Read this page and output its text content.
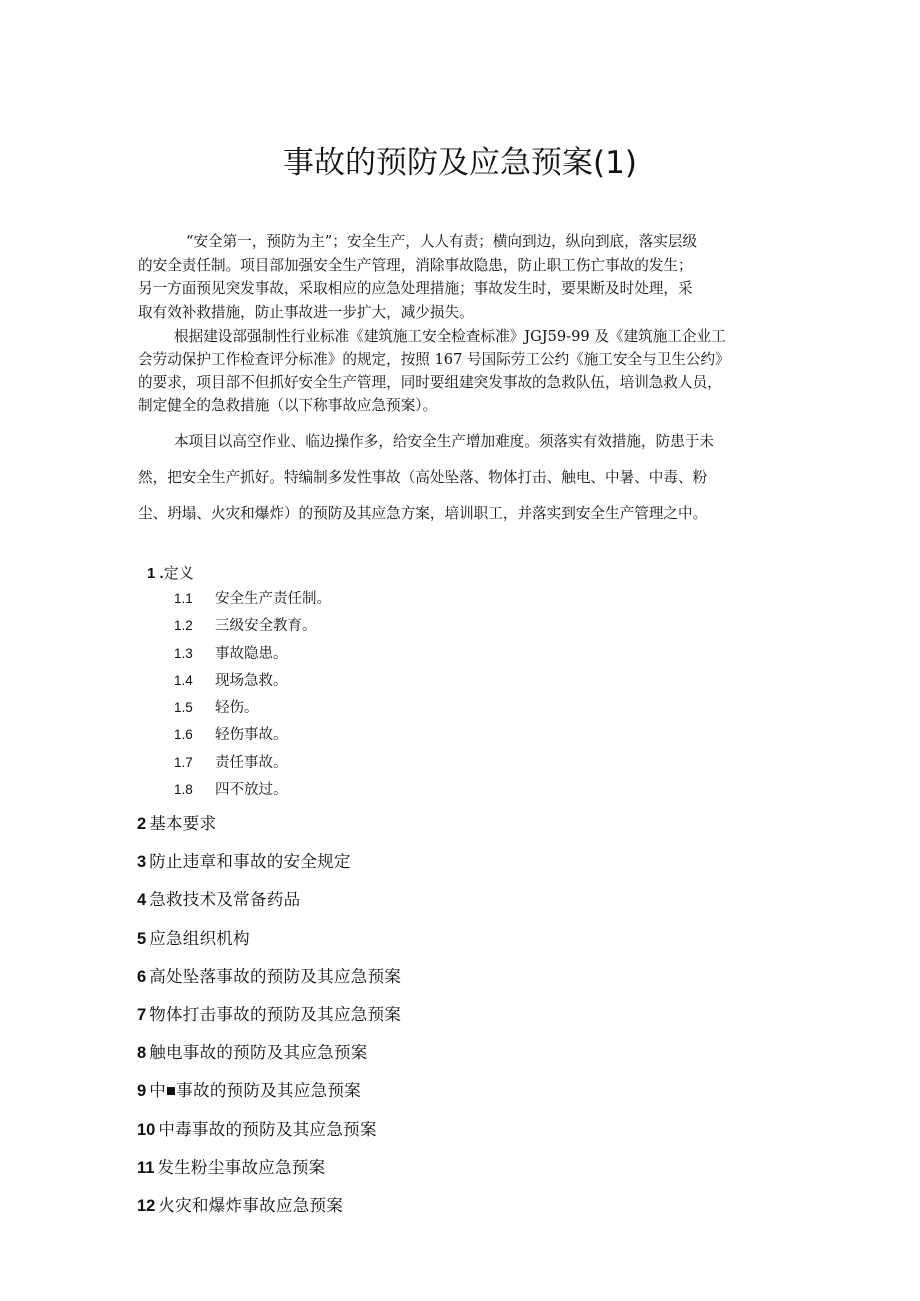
事故的预防及应急预案(1)
“安全第一，预防为主”；安全生产，人人有责；横向到边，纵向到底，落实层级
的安全责任制。项目部加强安全生产管理，消除事故隐患，防止职工伤亡事故的发生；
另一方面预见突发事故，采取相应的应急处理措施；事故发生时，要果断及时处理，采
取有效补救措施，防止事故进一步扩大，减少损失。
根据建设部强制性行业标准《建筑施工安全检查标准》JGJ59-99 及《建筑施工企业工
会劳动保护工作检查评分标准》的规定，按照 167 号国际劳工公约《施工安全与卫生公约》
的要求，项目部不但抓好安全生产管理，同时要组建突发事故的急救队伍，培训急救人员，
制定健全的急救措施（以下称事故应急预案）。
本项目以高空作业、临边操作多，给安全生产增加难度。须落实有效措施，防患于未
然，把安全生产抓好。特编制多发性事故（高处坠落、物体打击、触电、中暑、中毒、粉
尘、坍塌、火灾和爆炸）的预防及其应急方案，培训职工，并落实到安全生产管理之中。
1 .定义
1.1 安全生产责任制。
1.2 三级安全教育。
1.3 事故隐患。
1.4 现场急救。
1.5 轻伤。
1.6 轻伤事故。
1.7 责任事故。
1.8 四不放过。
2 基本要求
3 防止违章和事故的安全规定
4 急救技术及常备药品
5 应急组织机构
6 高处坠落事故的预防及其应急预案
7 物体打击事故的预防及其应急预案
8 触电事故的预防及其应急预案
9 中■事故的预防及其应急预案
10 中毒事故的预防及其应急预案
11 发生粉尘事故应急预案
12 火灾和爆炸事故应急预案
